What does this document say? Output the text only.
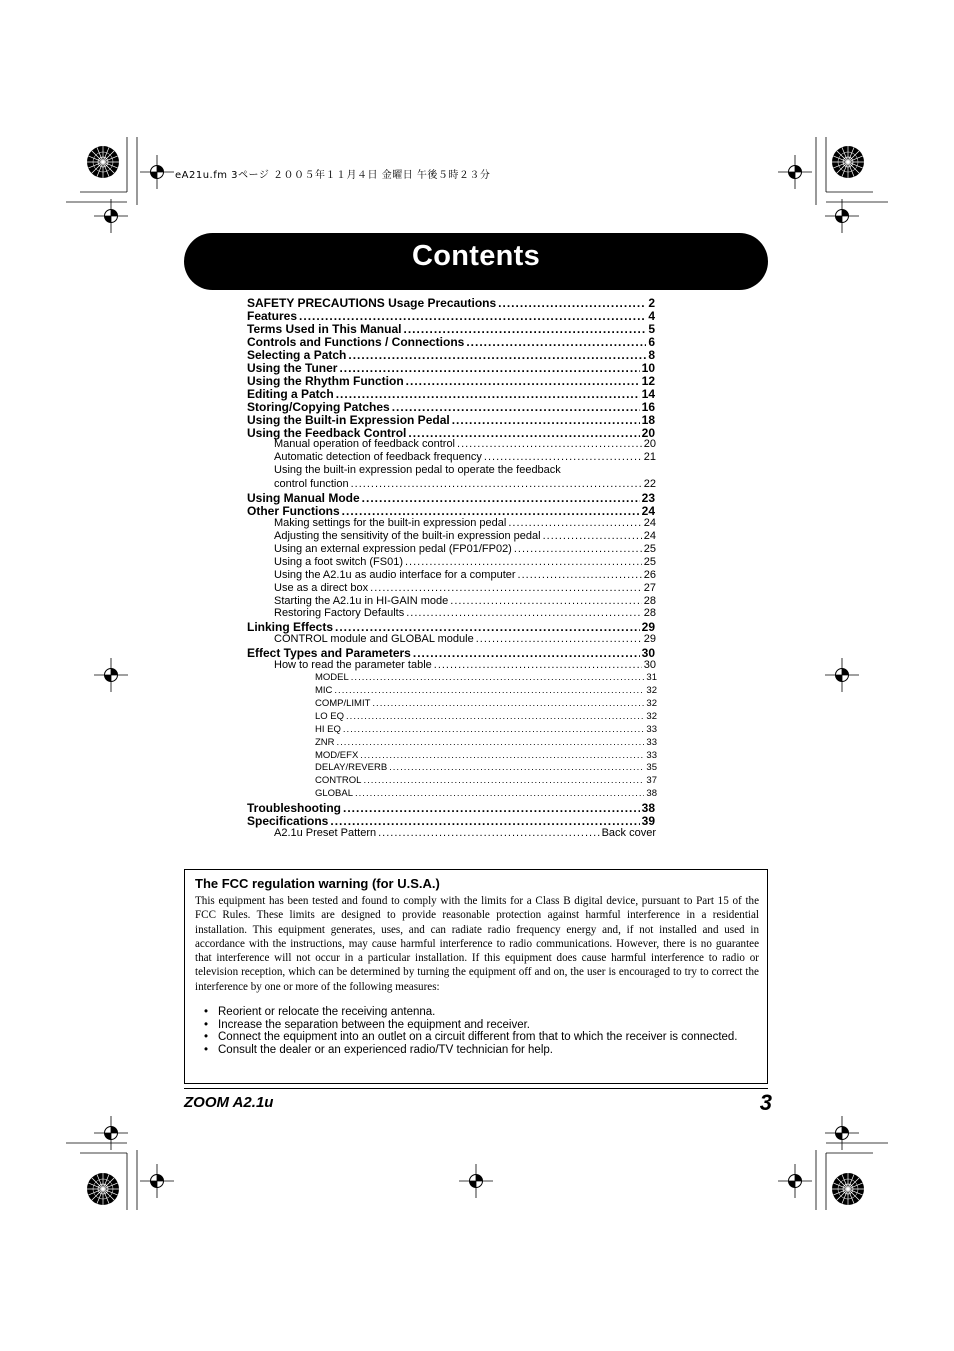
eA21u.fm 3ページ ２００５年１１月４日 金曜日 午後５時２３分
Contents
SAFETY PRECAUTIONS Usage Precautions .....	2
Features .....	4
Terms Used in This Manual .....	5
Controls and Functions / Connections .....	6
Selecting a Patch .....	8
Using the Tuner .....	10
Using the Rhythm Function .....	12
Editing a Patch .....	14
Storing/Copying Patches .....	16
Using the Built-in Expression Pedal .....	18
Using the Feedback Control .....	20
Manual operation of feedback control .....	20
Automatic detection of feedback frequency .....	21
Using the built-in expression pedal to operate the feedback
control function .....	22
Using Manual Mode .....	23
Other Functions .....	24
Making settings for the built-in expression pedal .....	24
Adjusting the sensitivity of the built-in expression pedal .....	24
Using an external expression pedal (FP01/FP02) .....	25
Using a foot switch (FS01) .....	25
Using the A2.1u as audio interface for a computer .....	26
Use as a direct box .....	27
Starting the A2.1u in HI-GAIN mode .....	28
Restoring Factory Defaults .....	28
Linking Effects .....	29
CONTROL module and GLOBAL module .....	29
Effect Types and Parameters .....	30
How to read the parameter table .....	30
MODEL .....	31
MIC .....	32
COMP/LIMIT .....	32
LO EQ .....	32
HI EQ .....	33
ZNR .....	33
MOD/EFX .....	33
DELAY/REVERB .....	35
CONTROL .....	37
GLOBAL .....	38
Troubleshooting .....	38
Specifications .....	39
A2.1u Preset Pattern .....	Back cover
The FCC regulation warning (for U.S.A.)
This equipment has been tested and found to comply with the limits for a Class B digital device, pursuant to Part 15 of the FCC Rules. These limits are designed to provide reasonable protection against harmful interference in a residential installation. This equipment generates, uses, and can radiate radio frequency energy and, if not installed and used in accordance with the instructions, may cause harmful interference to radio communications. However, there is no guarantee that interference will not occur in a particular installation. If this equipment does cause harmful interference to radio or television reception, which can be determined by turning the equipment off and on, the user is encouraged to try to correct the interference by one or more of the following measures:
• Reorient or relocate the receiving antenna.
• Increase the separation between the equipment and receiver.
• Connect the equipment into an outlet on a circuit different from that to which the receiver is connected.
• Consult the dealer or an experienced radio/TV technician for help.
ZOOM A2.1u	3
